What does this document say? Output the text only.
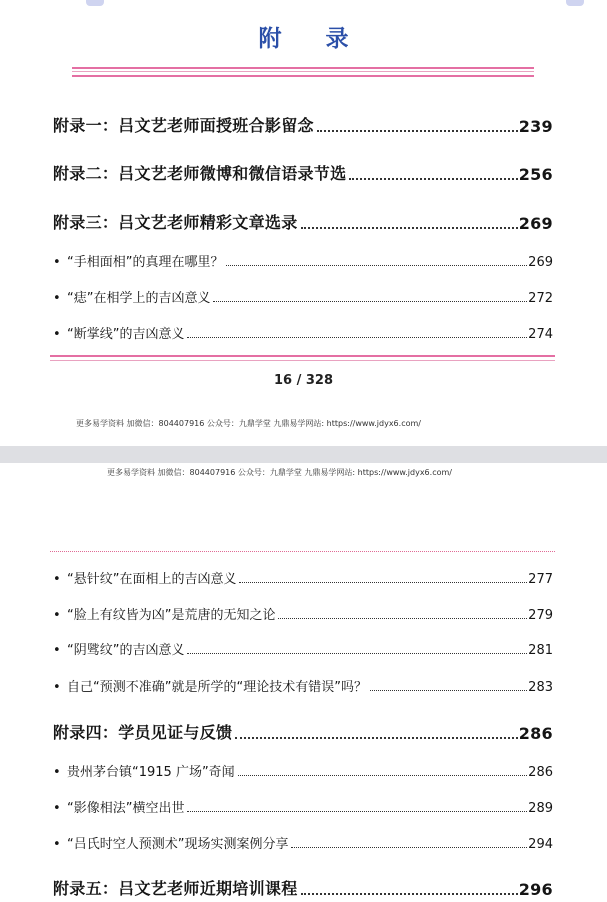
附 录
附录一：吕文艺老师面授班合影留念	239
附录二：吕文艺老师微博和微信语录节选	256
附录三：吕文艺老师精彩文章选录	269
• “手相面相”的真理在哪里？	269
• “痣”在相学上的吉凶意义	272
• “断掌线”的吉凶意义	274
16 / 328
更多易学资料 加微信：804407916 公众号：九鼎学堂 九鼎易学网站: https://www.jdyx6.com/
更多易学资料 加微信：804407916 公众号：九鼎学堂 九鼎易学网站: https://www.jdyx6.com/
• “悬针纹”在面相上的吉凶意义	277
• “脸上有纹皆为凶”是荒唐的无知之论	279
• “阴骘纹”的吉凶意义	281
• 自己“预测不准确”就是所学的“理论技术有错误”吗？	283
附录四：学员见证与反馈	286
• 贵州茅台镇“1915 广场”奇闻	286
• “影像相法”横空出世	289
• “吕氏时空人预测术”现场实测案例分享	294
附录五：吕文艺老师近期培训课程	296
